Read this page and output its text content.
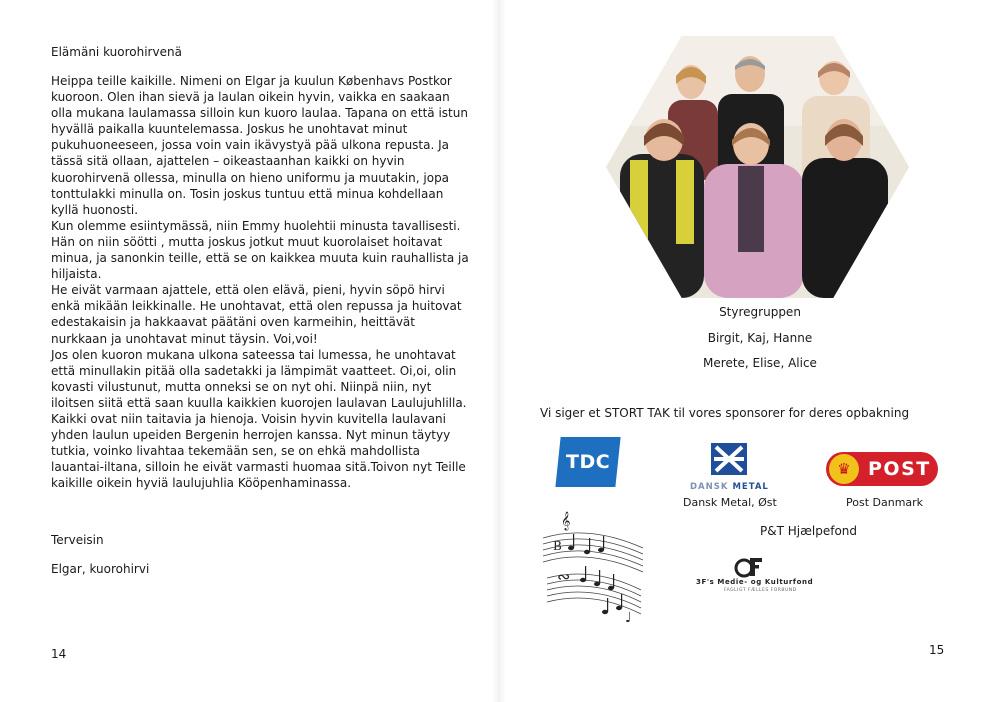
Elämäni kuorohirvenä

Heippa teille kaikille. Nimeni on Elgar ja kuulun Københavs Postkor kuoroon. Olen ihan sievä ja laulan oikein hyvin, vaikka en saakaan olla mukana laulamassa silloin kun kuoro laulaa. Tapana on että istun hyvällä paikalla kuuntelemassa. Joskus he unohtavat minut pukuhuoneeseen, jossa voin vain ikävystyä pää ulkona repusta. Ja tässä sitä ollaan, ajattelen – oikeastaanhan kaikki on hyvin kuorohirvenä ollessa, minulla on hieno uniformu ja muutakin, jopa tonttulakki minulla on. Tosin joskus tuntuu että minua kohdellaan kyllä huonosti.

Kun olemme esiintymässä, niin Emmy huolehtii minusta tavallisesti. Hän on niin söötti , mutta joskus jotkut muut kuorolaiset hoitavat minua, ja sanonkin teille, että se on kaikkea muuta kuin rauhallista ja hiljaista.

He eivät varmaan ajattele, että olen elävä, pieni, hyvin söpö hirvi enkä mikään leikkinalle. He unohtavat, että olen repussa ja huitovat edestakaisin ja hakkaavat päätäni oven karmeihin, heittävät nurkkaan ja unohtavat minut täysin. Voi,voi!

Jos olen kuoron mukana ulkona sateessa tai lumessa, he unohtavat että minullakin pitää olla sadetakki ja lämpimät vaatteet. Oi,oi, olin kovasti vilustunut, mutta onneksi se on nyt ohi. Niinpä niin, nyt iloitsen siitä että saan kuulla kaikkien kuorojen laulavan Laulujuhlilla.

Kaikki ovat niin taitavia ja hienoja. Voisin hyvin kuvitella laulavani yhden laulun upeiden Bergenin herrojen kanssa. Nyt minun täytyy tutkia, voinko livahtaa tekemään sen, se on ehkä mahdollista lauantai-iltana, silloin he eivät varmasti huomaa sitä.Toivon nyt Teille kaikille oikein hyviä laulujuhlia Kööpenhaminassa.

Terveisin
Elgar, kuorohirvi
14
Styregruppen
Birgit, Kaj, Hanne
Merete, Elise, Alice
Vi siger et STORT TAK til vores sponsorer for deres opbakning
TDC
DANSK METAL
Dansk Metal, Øst
♛ POST
Post Danmark
P&T Hjælpefond
𝄞
B
∾
♩
3F's Medie- og Kulturfond
FAGLIGT FÆLLES FORBUND
15
